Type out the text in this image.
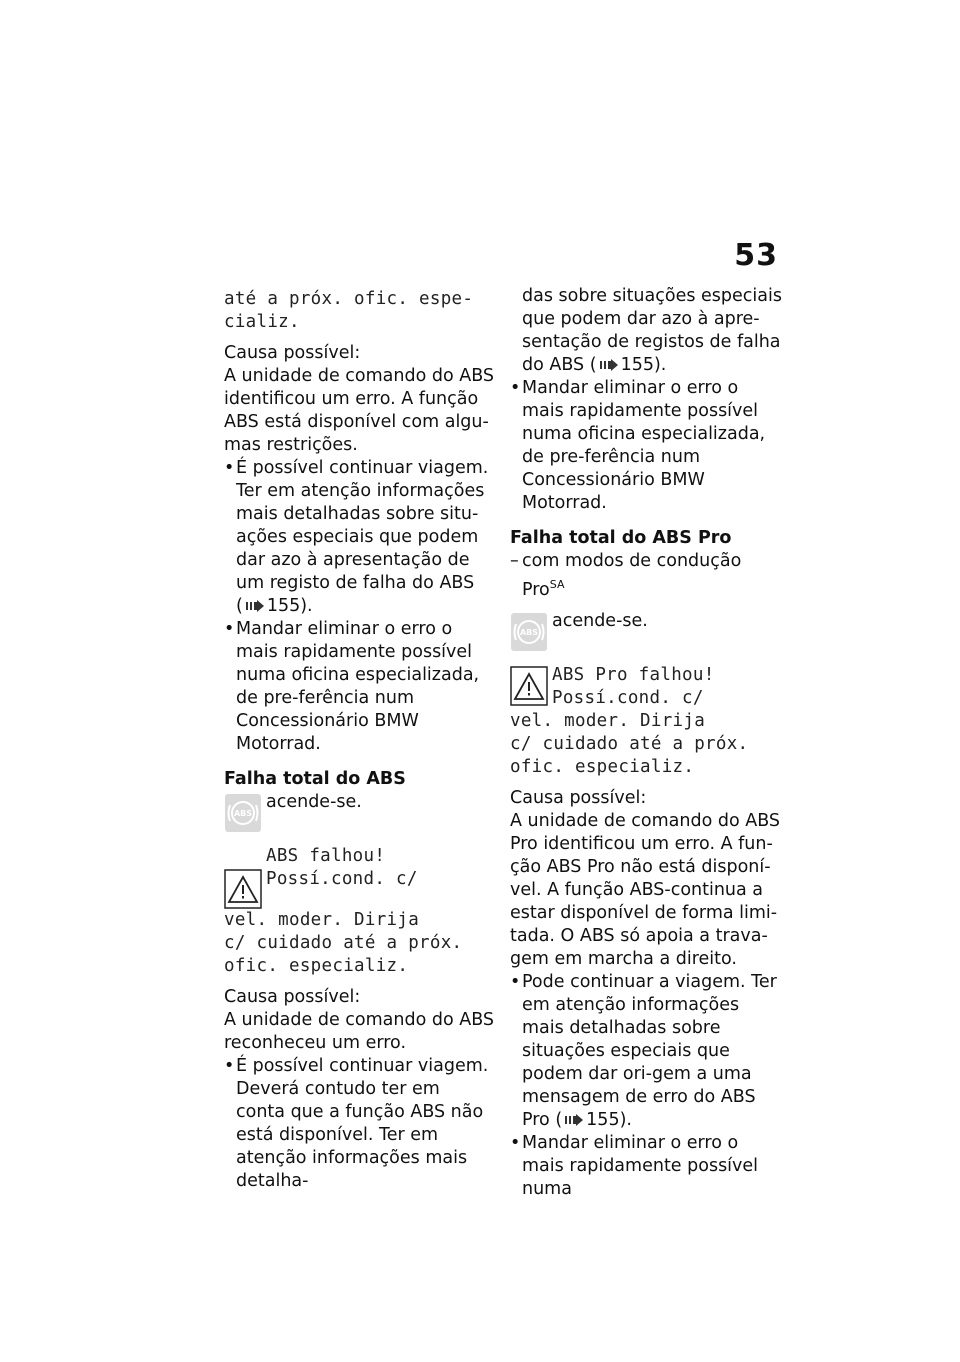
53

até a próx. ofic. espe-

cializ.

Causa possível:

A unidade de comando do ABS identificou um erro. A função ABS está disponível com algu-mas restrições.

• É possível continuar viagem. Ter em atenção informações mais detalhadas sobre situ-ações especiais que podem dar azo à apresentação de um registo de falha do ABS ( 155).
• Mandar eliminar o erro o mais rapidamente possível numa oficina especializada, de pre-ferência num Concessionário BMW Motorrad.

Falha total do ABS

ABS
acende-se.

ABS falhou!

Possí.cond. c/

vel. moder. Dirija

c/ cuidado até a próx.

ofic. especializ.

Causa possível:

A unidade de comando do ABS reconheceu um erro.

• É possível continuar viagem. Deverá contudo ter em conta que a função ABS não está disponível. Ter em atenção informações mais detalha-
das sobre situações especiais que podem dar azo à apre-sentação de registos de falha do ABS ( 155).
• Mandar eliminar o erro o mais rapidamente possível numa oficina especializada, de pre-ferência num Concessionário BMW Motorrad.

Falha total do ABS Pro

– com modos de condução Pro$^{SA}$
ABS
acende-se.

ABS Pro falhou!

Possí.cond. c/

vel. moder. Dirija

c/ cuidado até a próx.

ofic. especializ.

Causa possível:

A unidade de comando do ABS Pro identificou um erro. A fun-ção ABS Pro não está disponí-vel. A função ABS-continua a estar disponível de forma limi-tada. O ABS só apoia a trava-gem em marcha a direito.

• Pode continuar a viagem. Ter em atenção informações mais detalhadas sobre situações especiais que podem dar ori-gem a uma mensagem de erro do ABS Pro ( 155).
• Mandar eliminar o erro o mais rapidamente possível numa
